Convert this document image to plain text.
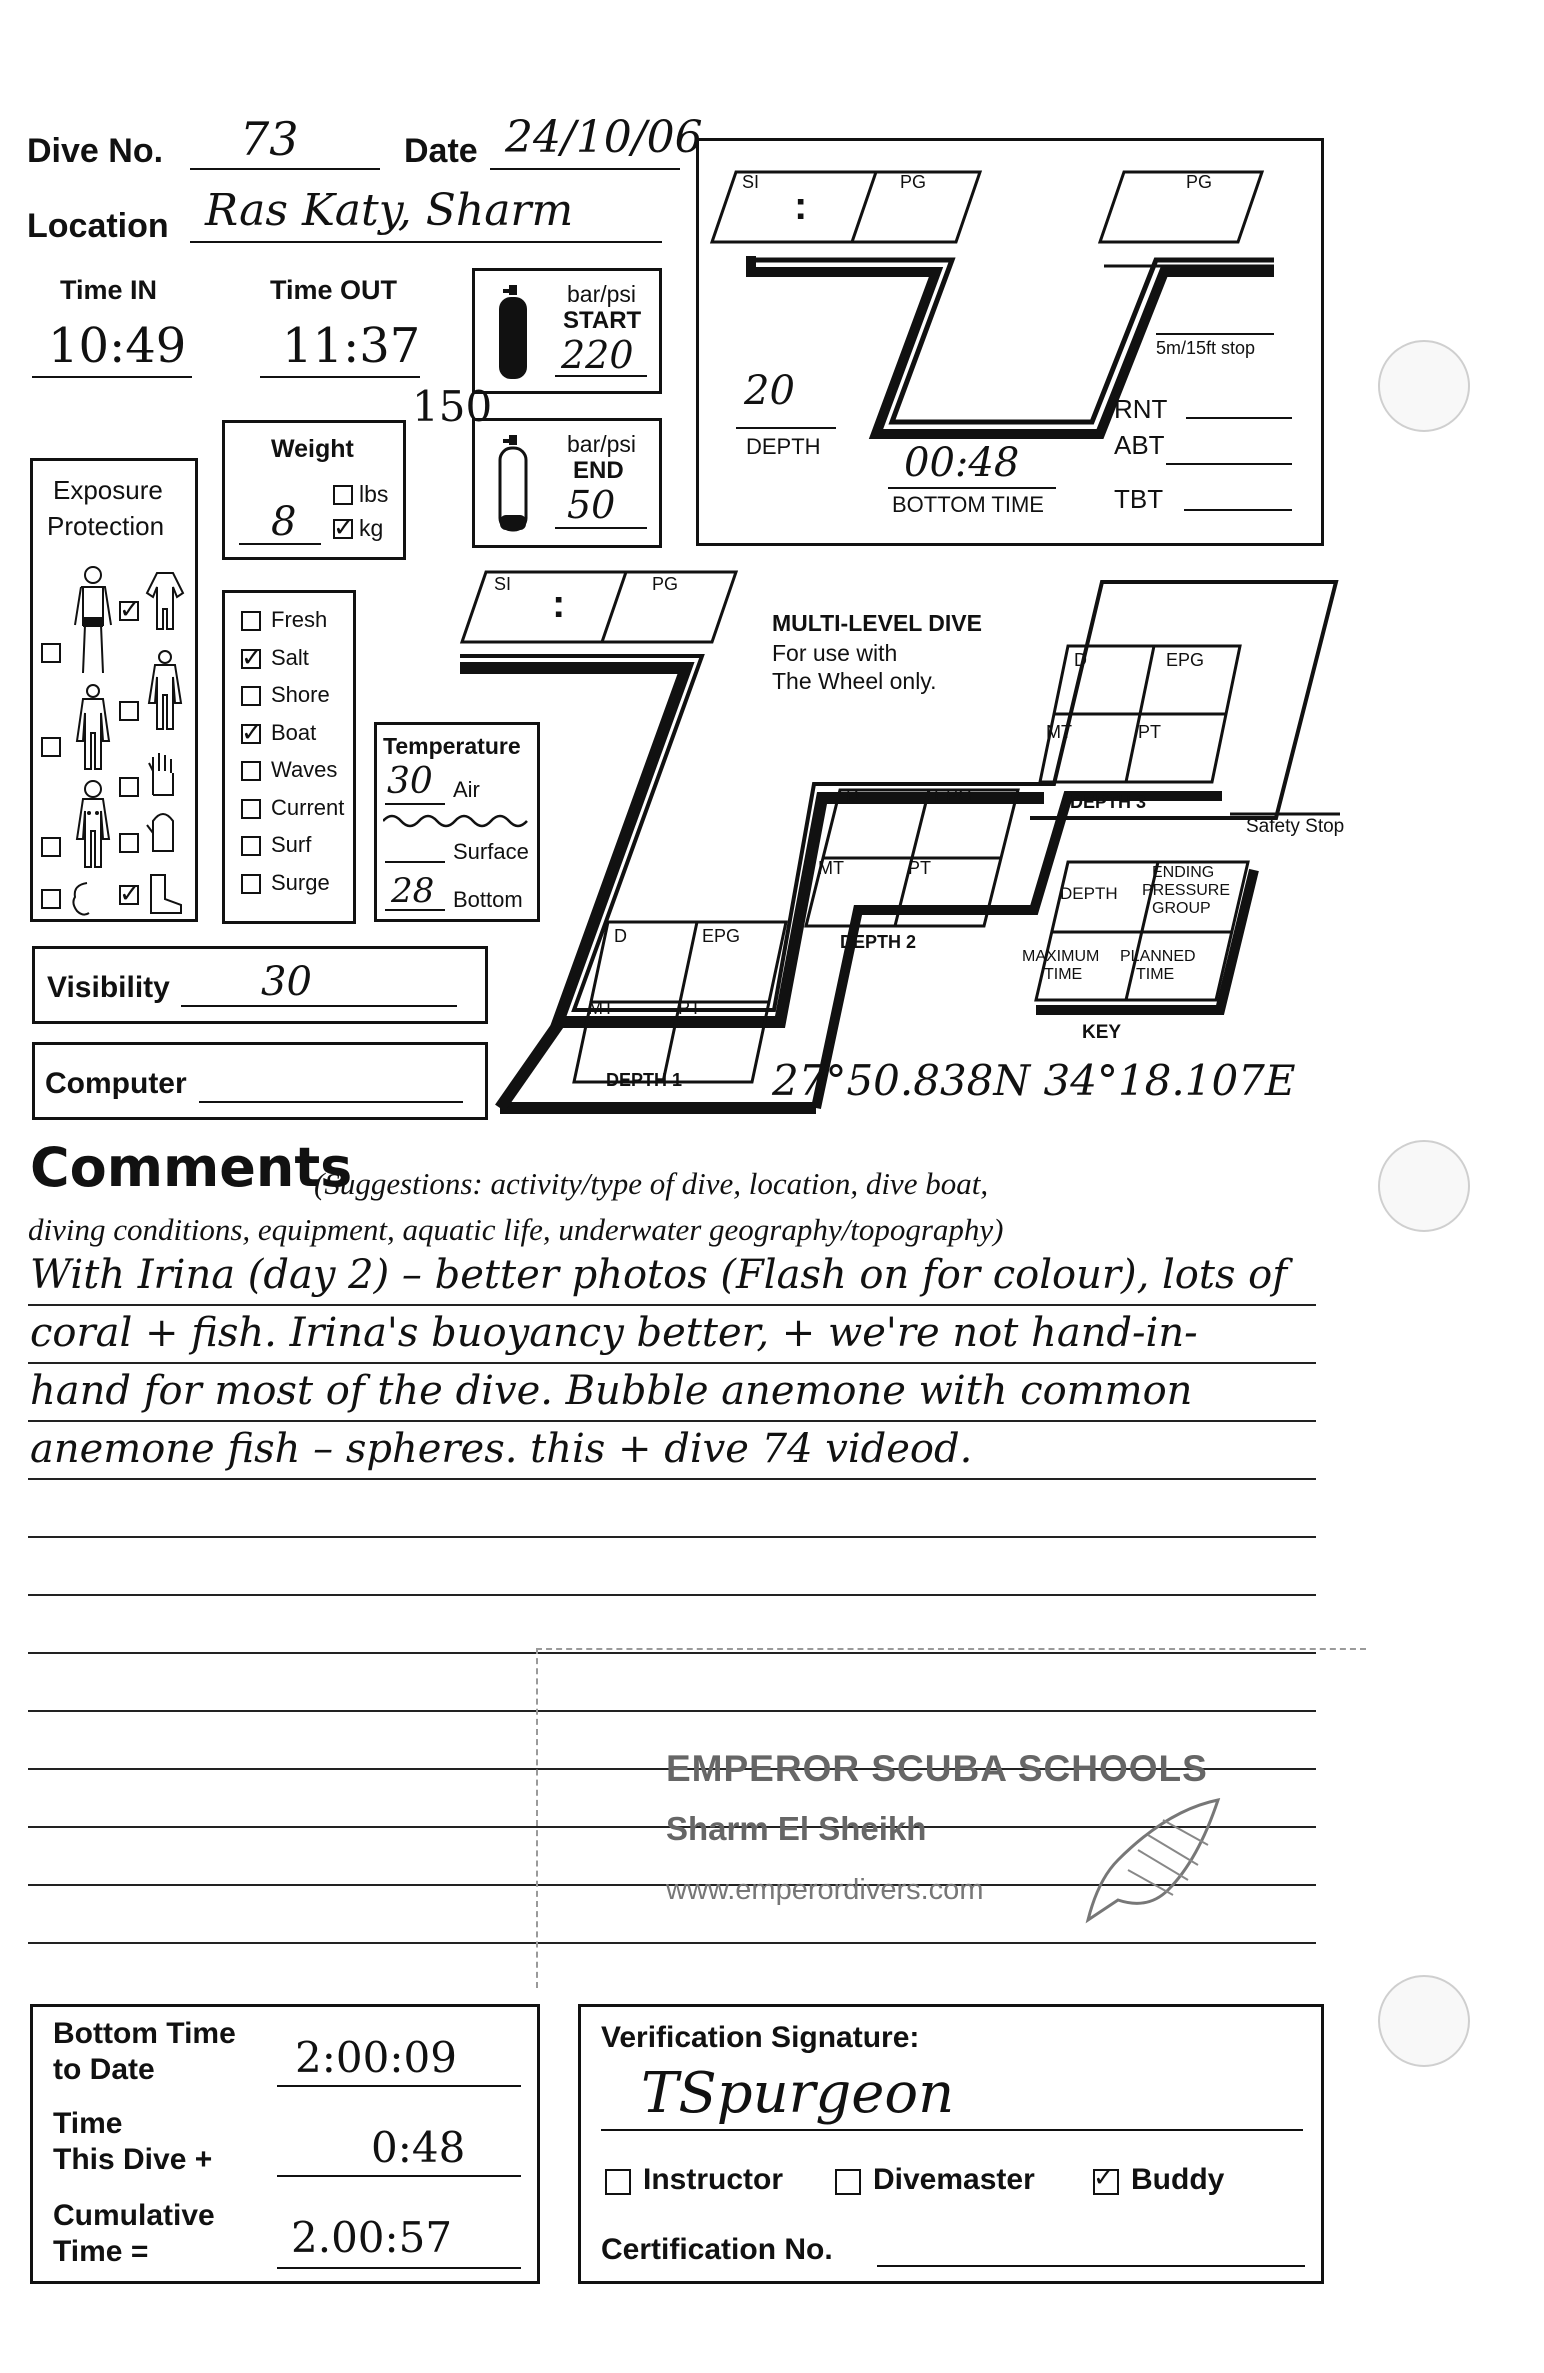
Dive No. 73	Date 24/10/06
Location Ras Katy, Sharm
Time IN
10:49
Time OUT
11:37
bar/psi
START
220
150
bar/psi
END
50
Weight
8
lbs
✓
kg
Exposure
Protection
✓
✓
Fresh
✓
Salt
Shore
✓
Boat
Waves
Current
Surf
Surge
Temperature
30 Air
Surface
28 Bottom
Visibility 30
Computer
SI
:
PG	PG
5m/15ft stop
20
DEPTH 00:48
BOTTOM TIME
RNT
ABT
TBT
SI :	PG
MULTI-LEVEL DIVE
For use with
The Wheel only.
D	EPG
MT	PT
DEPTH 1
D	EPG
MT	PT
DEPTH 2
D	EPG
MT	PT
DEPTH 3
Safety Stop
DEPTH
ENDING
PRESSURE
GROUP
MAXIMUM
TIME
PLANNED
TIME
KEY
27°50.838N 34°18.107E
Comments
(Suggestions: activity/type of dive, location, dive boat,
diving conditions, equipment, aquatic life, underwater geography/topography)
With Irina (day 2) – better photos (Flash on for colour), lots of
coral + fish. Irina's buoyancy better, + we're not hand-in-
hand for most of the dive. Bubble anemone with common
anemone fish – spheres. this + dive 74 videod.
EMPEROR SCUBA SCHOOLS
Sharm El Sheikh
www.emperordivers.com
Bottom Time
to Date	2:00:09
Time
This Dive +	0:48
Cumulative
Time =	2.00:57
Verification Signature:
TSpurgeon
Instructor	Divemaster
✓	Buddy
Certification No.
